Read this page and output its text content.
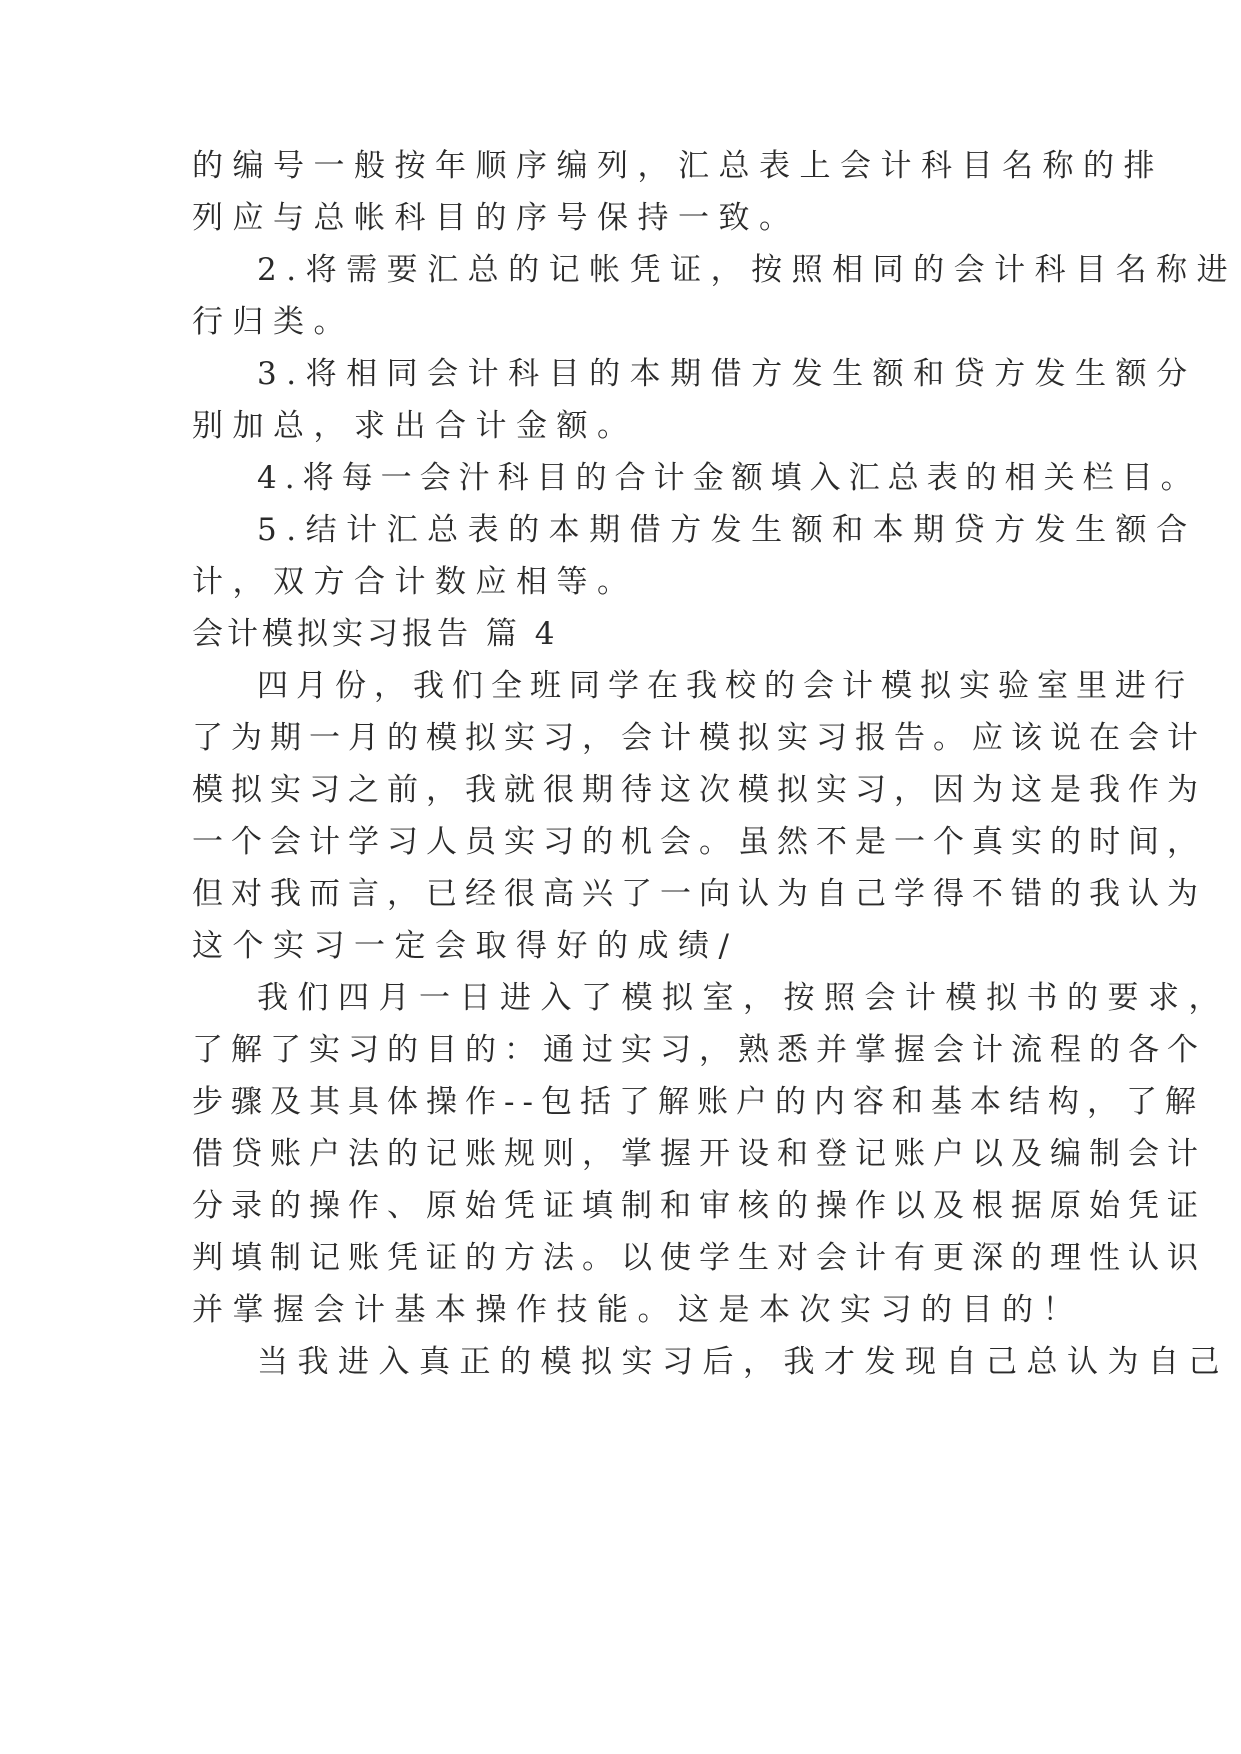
的编号一般按年顺序编列，汇总表上会计科目名称的排
列应与总帐科目的序号保持一致。
2.将需要汇总的记帐凭证，按照相同的会计科目名称进
行归类。
3.将相同会计科目的本期借方发生额和贷方发生额分
别加总，求出合计金额。
4.将每一会汁科目的合计金额填入汇总表的相关栏目。
5.结计汇总表的本期借方发生额和本期贷方发生额合
计，双方合计数应相等。
会计模拟实习报告 篇 4
四月份，我们全班同学在我校的会计模拟实验室里进行
了为期一月的模拟实习，会计模拟实习报告。应该说在会计
模拟实习之前，我就很期待这次模拟实习，因为这是我作为
一个会计学习人员实习的机会。虽然不是一个真实的时间，
但对我而言，已经很高兴了一向认为自己学得不错的我认为
这个实习一定会取得好的成绩/
我们四月一日进入了模拟室，按照会计模拟书的要求，
了解了实习的目的：通过实习，熟悉并掌握会计流程的各个
步骤及其具体操作--包括了解账户的内容和基本结构，了解
借贷账户法的记账规则，掌握开设和登记账户以及编制会计
分录的操作、原始凭证填制和审核的操作以及根据原始凭证
判填制记账凭证的方法。以使学生对会计有更深的理性认识
并掌握会计基本操作技能。这是本次实习的目的！
当我进入真正的模拟实习后，我才发现自己总认为自己
